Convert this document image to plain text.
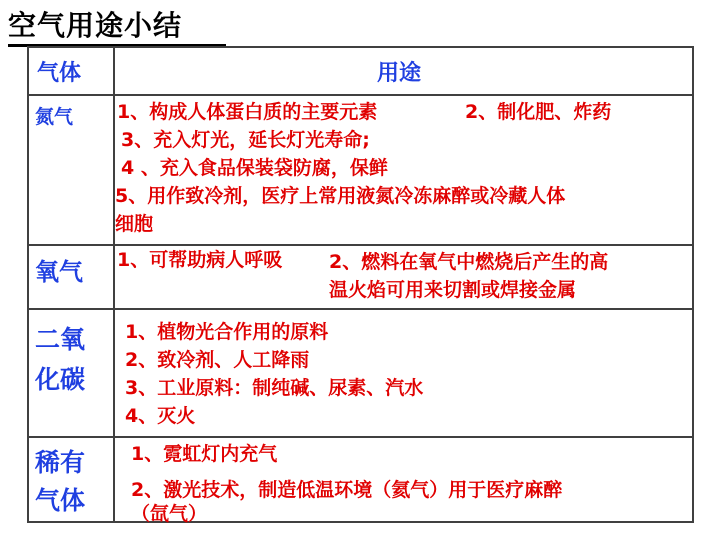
空气用途小结
气体	用途
氮气 1、构成人体蛋白质的主要元素	2、制化肥、炸药
3、充入灯光，延长灯光寿命;
4 、充入食品保装袋防腐，保鲜
5、用作致冷剂，医疗上常用液氮冷冻麻醉或冷藏人体
细胞
氧气 1、可帮助病人呼吸 2、燃料在氧气中燃烧后产生的高
温火焰可用来切割或焊接金属
二氧
化碳
1、植物光合作用的原料
2、致冷剂、人工降雨
3、工业原料：制纯碱、尿素、汽水
4、灭火
稀有
气体
1、霓虹灯内充气
2、激光技术，制造低温环境（氦气）用于医疗麻醉
（氙气）
